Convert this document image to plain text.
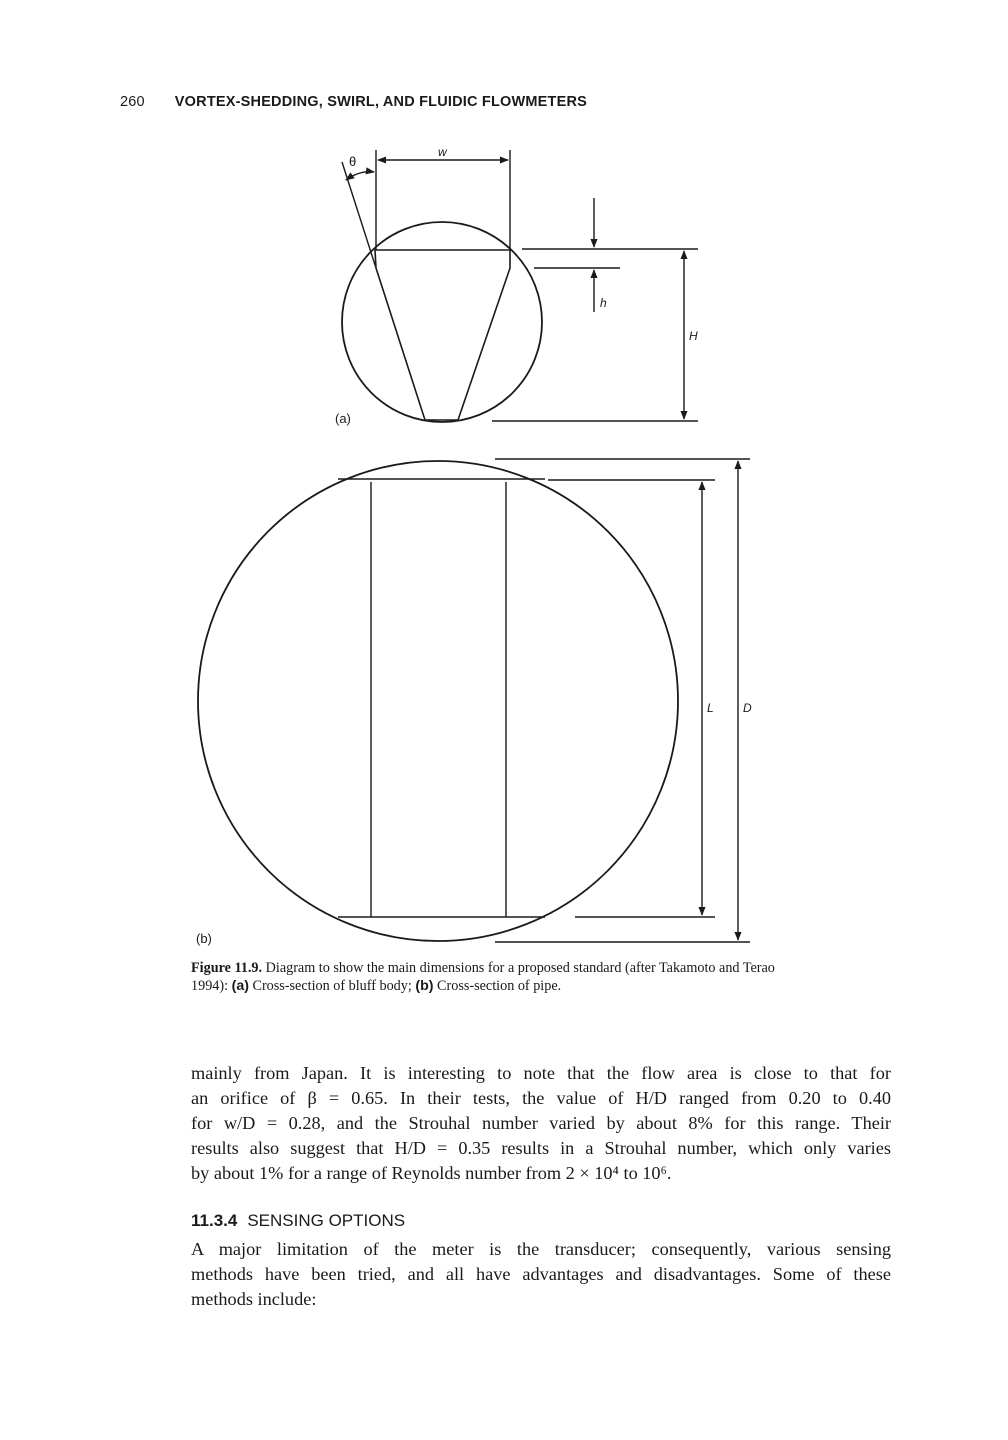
260 VORTEX-SHEDDING, SWIRL, AND FLUIDIC FLOWMETERS
θ
w
h
H
L D
(a)
(b)
Figure 11.9. Diagram to show the main dimensions for a proposed standard (after Takamoto and Terao 1994): (a) Cross-section of bluff body; (b) Cross-section of pipe.
mainly from Japan. It is interesting to note that the flow area is close to that for
an orifice of β = 0.65. In their tests, the value of H/D ranged from 0.20 to 0.40
for w/D = 0.28, and the Strouhal number varied by about 8% for this range. Their
results also suggest that H/D = 0.35 results in a Strouhal number, which only varies
by about 1% for a range of Reynolds number from 2 × 10⁴ to 10⁶.
11.3.4 SENSING OPTIONS
A major limitation of the meter is the transducer; consequently, various sensing
methods have been tried, and all have advantages and disadvantages. Some of these
methods include:
